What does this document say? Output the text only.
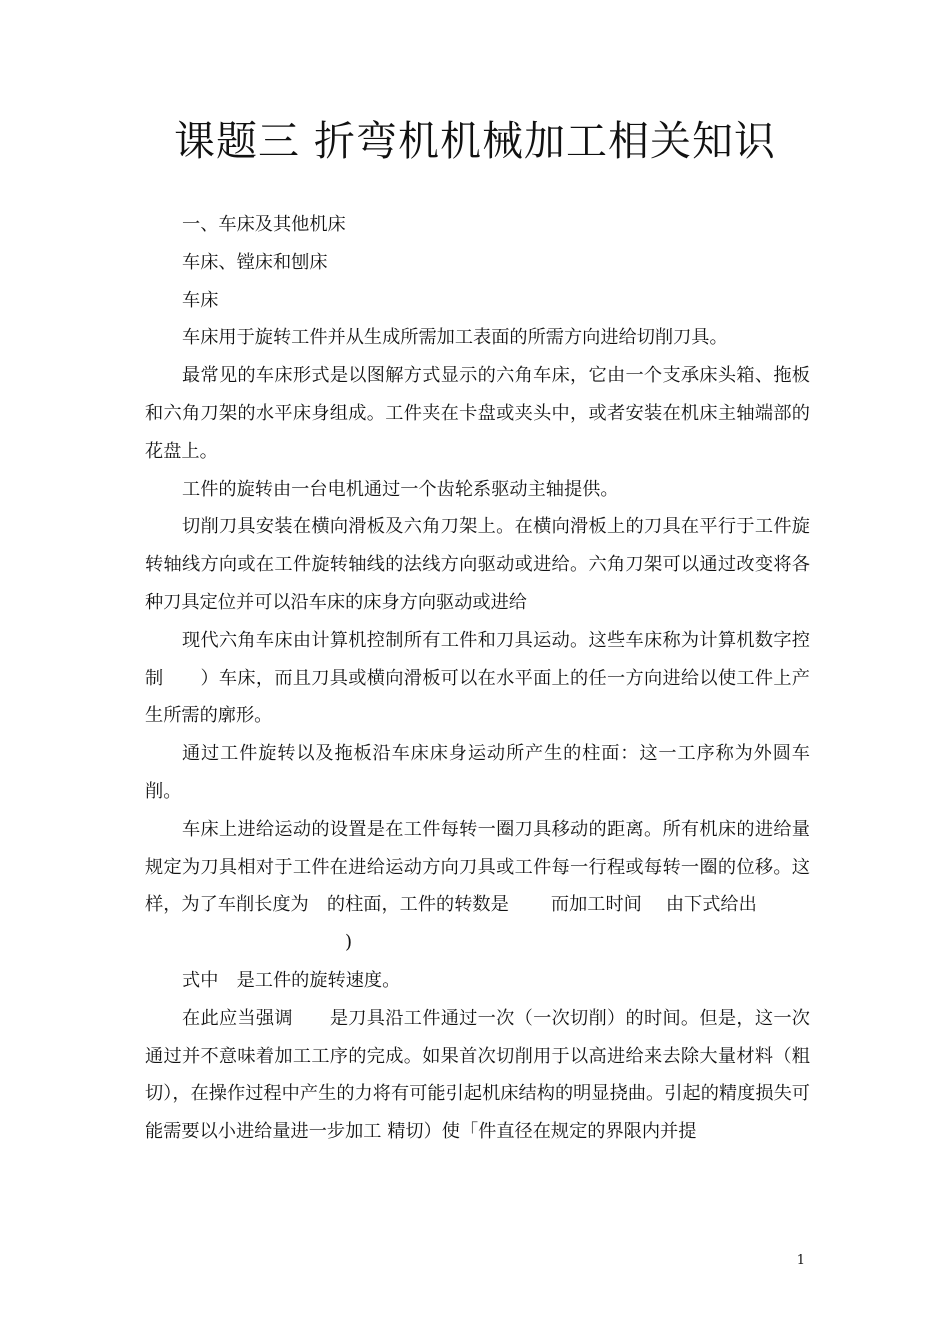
课题三 折弯机机械加工相关知识

一、车床及其他机床

车床、镗床和刨床

车床

车床用于旋转工件并从生成所需加工表面的所需方向进给切削刀具。

最常见的车床形式是以图解方式显示的六角车床，它由一个支承床头箱、拖板和六角刀架的水平床身组成。工件夹在卡盘或夹头中，或者安装在机床主轴端部的花盘上。

工件的旋转由一台电机通过一个齿轮系驱动主轴提供。

切削刀具安装在横向滑板及六角刀架上。在横向滑板上的刀具在平行于工件旋转轴线方向或在工件旋转轴线的法线方向驱动或进给。六角刀架可以通过改变将各种刀具定位并可以沿车床的床身方向驱动或进给

现代六角车床由计算机控制所有工件和刀具运动。这些车床称为计算机数字控制　　）车床，而且刀具或横向滑板可以在水平面上的任一方向进给以使工件上产生所需的廓形。

通过工件旋转以及拖板沿车床床身运动所产生的柱面：这一工序称为外圆车削。

车床上进给运动的设置是在工件每转一圈刀具移动的距离。所有机床的进给量　 规定为刀具相对于工件在进给运动方向刀具或工件每一行程或每转一圈的位移。这样，为了车削长度为　的柱面，工件的转数是　　 而加工时间　 由下式给出

)

式中　是工件的旋转速度。

在此应当强调　　是刀具沿工件通过一次（一次切削）的时间。但是，这一次通过并不意味着加工工序的完成。如果首次切削用于以高进给来去除大量材料（粗切），在操作过程中产生的力将有可能引起机床结构的明显挠曲。引起的精度损失可能需要以小进给量进一步加工 精切）使「件直径在规定的界限内并提

1
